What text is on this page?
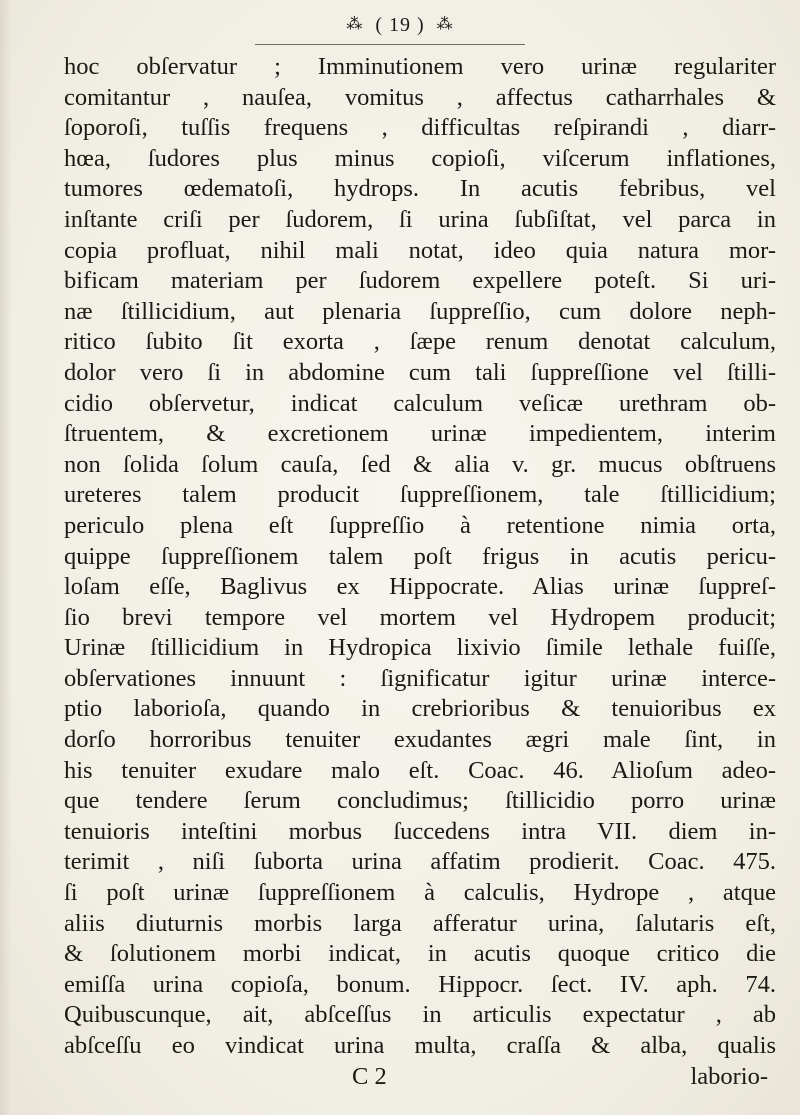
⁂ ( 19 ) ⁂
hoc obſervatur ; Imminutionem vero urinæ regulariter
comitantur , nauſea, vomitus , affectus catharrhales &
ſoporoſi, tuſſis frequens , difficultas reſpirandi , diarr-
hœa, ſudores plus minus copioſi, viſcerum inflationes,
tumores œdematoſi, hydrops. In acutis febribus, vel
inſtante criſi per ſudorem, ſi urina ſubſiſtat, vel parca in
copia profluat, nihil mali notat, ideo quia natura mor-
bificam materiam per ſudorem expellere poteſt. Si uri-
næ ſtillicidium, aut plenaria ſuppreſſio, cum dolore neph-
ritico ſubito ſit exorta , ſæpe renum denotat calculum,
dolor vero ſi in abdomine cum tali ſuppreſſione vel ſtilli-
cidio obſervetur, indicat calculum veſicæ urethram ob-
ſtruentem, & excretionem urinæ impedientem, interim
non ſolida ſolum cauſa, ſed & alia v. gr. mucus obſtruens
ureteres talem producit ſuppreſſionem, tale ſtillicidium;
periculo plena eſt ſuppreſſio à retentione nimia orta,
quippe ſuppreſſionem talem poſt frigus in acutis pericu-
loſam eſſe, Baglivus ex Hippocrate. Alias urinæ ſuppreſ-
ſio brevi tempore vel mortem vel Hydropem producit;
Urinæ ſtillicidium in Hydropica lixivio ſimile lethale fuiſſe,
obſervationes innuunt : ſignificatur igitur urinæ interce-
ptio laborioſa, quando in crebrioribus & tenuioribus ex
dorſo horroribus tenuiter exudantes ægri male ſint, in
his tenuiter exudare malo eſt. Coac. 46. Alioſum adeo-
que tendere ſerum concludimus; ſtillicidio porro urinæ
tenuioris inteſtini morbus ſuccedens intra VII. diem in-
terimit , niſi ſuborta urina affatim prodierit. Coac. 475.
ſi poſt urinæ ſuppreſſionem à calculis, Hydrope , atque
aliis diuturnis morbis larga afferatur urina, ſalutaris eſt,
& ſolutionem morbi indicat, in acutis quoque critico die
emiſſa urina copioſa, bonum. Hippocr. ſect. IV. aph. 74.
Quibuscunque, ait, abſceſſus in articulis expectatur , ab
abſceſſu eo vindicat urina multa, craſſa & alba, qualis
C 2	laborio-
